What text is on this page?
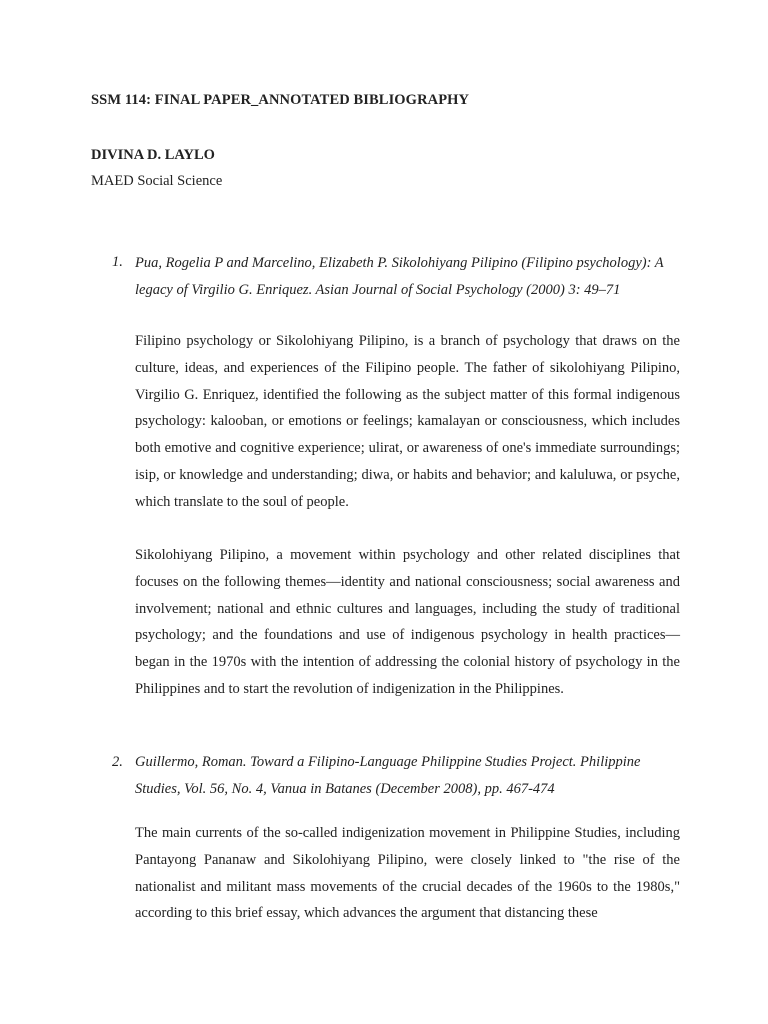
SSM 114: FINAL PAPER_ANNOTATED BIBLIOGRAPHY
DIVINA D. LAYLO
MAED Social Science
1. Pua, Rogelia P and Marcelino, Elizabeth P. Sikolohiyang Pilipino (Filipino psychology): A legacy of Virgilio G. Enriquez. Asian Journal of Social Psychology (2000) 3: 49–71

Filipino psychology or Sikolohiyang Pilipino, is a branch of psychology that draws on the culture, ideas, and experiences of the Filipino people. The father of sikolohiyang Pilipino, Virgilio G. Enriquez, identified the following as the subject matter of this formal indigenous psychology: kalooban, or emotions or feelings; kamalayan or consciousness, which includes both emotive and cognitive experience; ulirat, or awareness of one's immediate surroundings; isip, or knowledge and understanding; diwa, or habits and behavior; and kaluluwa, or psyche, which translate to the soul of people.

Sikolohiyang Pilipino, a movement within psychology and other related disciplines that focuses on the following themes—identity and national consciousness; social awareness and involvement; national and ethnic cultures and languages, including the study of traditional psychology; and the foundations and use of indigenous psychology in health practices—began in the 1970s with the intention of addressing the colonial history of psychology in the Philippines and to start the revolution of indigenization in the Philippines.

2. Guillermo, Roman. Toward a Filipino-Language Philippine Studies Project. Philippine Studies, Vol. 56, No. 4, Vanua in Batanes (December 2008), pp. 467-474

The main currents of the so-called indigenization movement in Philippine Studies, including Pantayong Pananaw and Sikolohiyang Pilipino, were closely linked to "the rise of the nationalist and militant mass movements of the crucial decades of the 1960s to the 1980s," according to this brief essay, which advances the argument that distancing these
